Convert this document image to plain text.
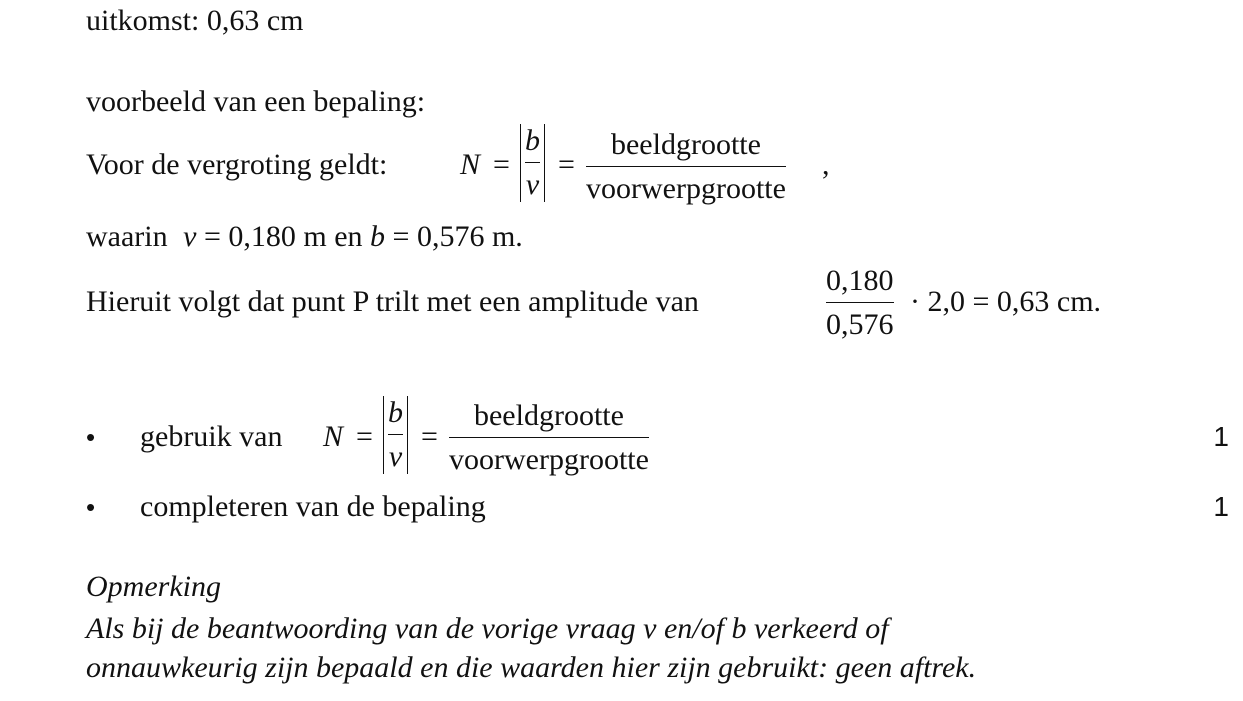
uitkomst: 0,63 cm
voorbeeld van een bepaling:
Voor de vergroting geldt: N =
b
v
=
beeldgrootte
voorwerpgrootte
,
waarin v = 0,180 m en b = 0,576 m.
Hieruit volgt dat punt P trilt met een amplitude van
0,180
0,576
· 2,0 = 0,63 cm.
• gebruik van N =
b
v
=
beeldgrootte
voorwerpgrootte
1
• completeren van de bepaling	1
Opmerking
Als bij de beantwoording van de vorige vraag v en/of b verkeerd of
onnauwkeurig zijn bepaald en die waarden hier zijn gebruikt: geen aftrek.
